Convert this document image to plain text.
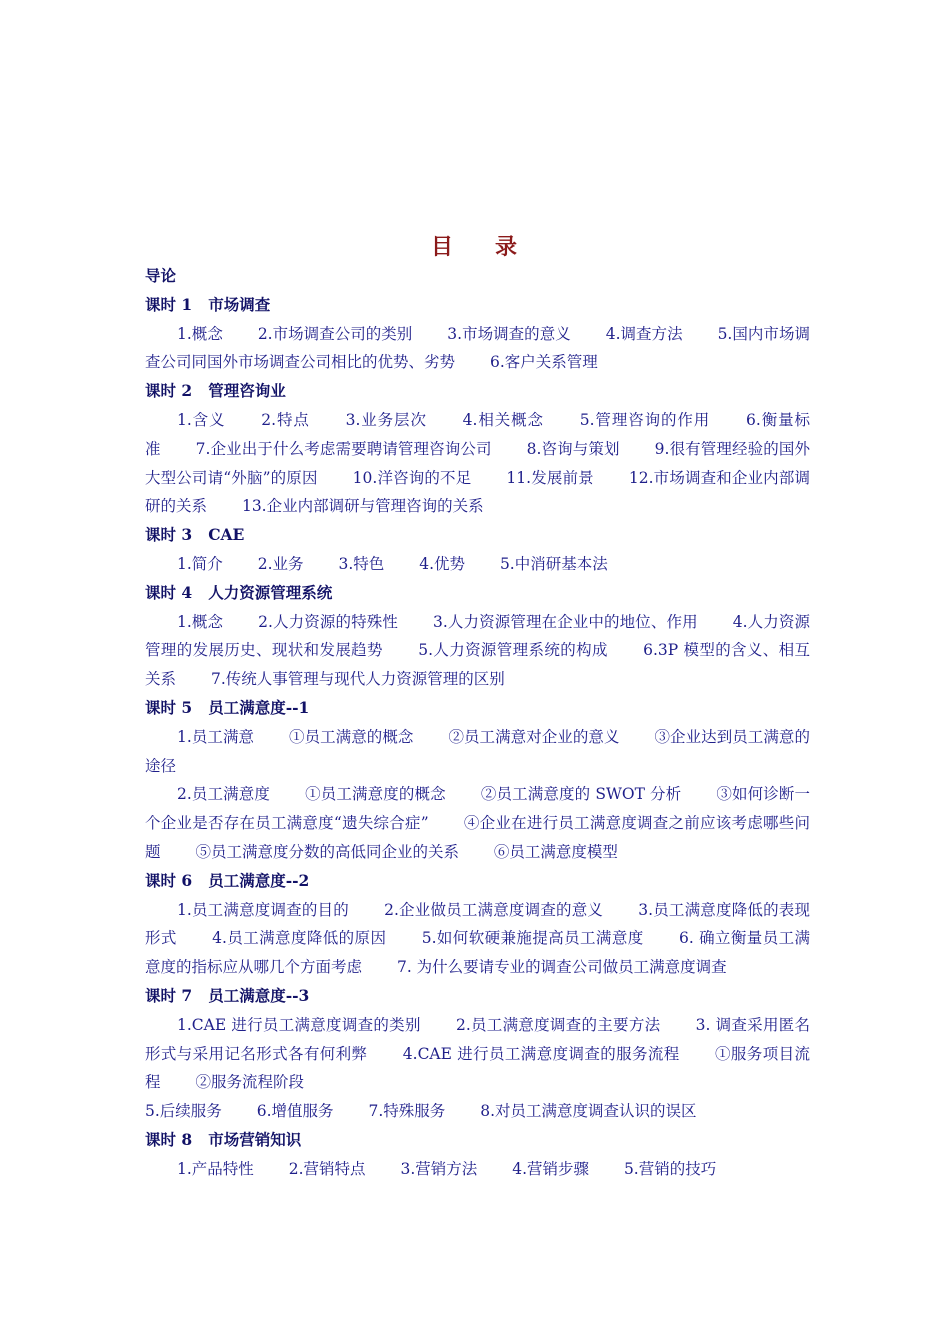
目 录
导论
课时 1 市场调查
1.概念 2.市场调查公司的类别 3.市场调查的意义 4.调查方法 5.国内市场调查公司同国外市场调查公司相比的优势、劣势 6.客户关系管理
课时 2 管理咨询业
1.含义 2.特点 3.业务层次 4.相关概念 5.管理咨询的作用 6.衡量标准 7.企业出于什么考虑需要聘请管理咨询公司 8.咨询与策划 9.很有管理经验的国外大型公司请“外脑”的原因 10.洋咨询的不足 11.发展前景 12.市场调查和企业内部调研的关系 13.企业内部调研与管理咨询的关系
课时 3 CAE
1.简介 2.业务 3.特色 4.优势 5.中消研基本法
课时 4 人力资源管理系统
1.概念 2.人力资源的特殊性 3.人力资源管理在企业中的地位、作用 4.人力资源管理的发展历史、现状和发展趋势 5.人力资源管理系统的构成 6.3P 模型的含义、相互关系 7.传统人事管理与现代人力资源管理的区别
课时 5 员工满意度--1
1.员工满意 ①员工满意的概念 ②员工满意对企业的意义 ③企业达到员工满意的途径
2.员工满意度 ①员工满意度的概念 ②员工满意度的 SWOT 分析 ③如何诊断一个企业是否存在员工满意度“遗失综合症” ④企业在进行员工满意度调查之前应该考虑哪些问题 ⑤员工满意度分数的高低同企业的关系 ⑥员工满意度模型
课时 6 员工满意度--2
1.员工满意度调查的目的 2.企业做员工满意度调查的意义 3.员工满意度降低的表现形式 4.员工满意度降低的原因 5.如何软硬兼施提高员工满意度 6. 确立衡量员工满意度的指标应从哪几个方面考虑 7. 为什么要请专业的调查公司做员工满意度调查
课时 7 员工满意度--3
1.CAE 进行员工满意度调查的类别 2.员工满意度调查的主要方法 3. 调查采用匿名形式与采用记名形式各有何利弊 4.CAE 进行员工满意度调查的服务流程 ①服务项目流程 ②服务流程阶段
5.后续服务 6.增值服务 7.特殊服务 8.对员工满意度调查认识的误区
课时 8 市场营销知识
1.产品特性 2.营销特点 3.营销方法 4.营销步骤 5.营销的技巧
